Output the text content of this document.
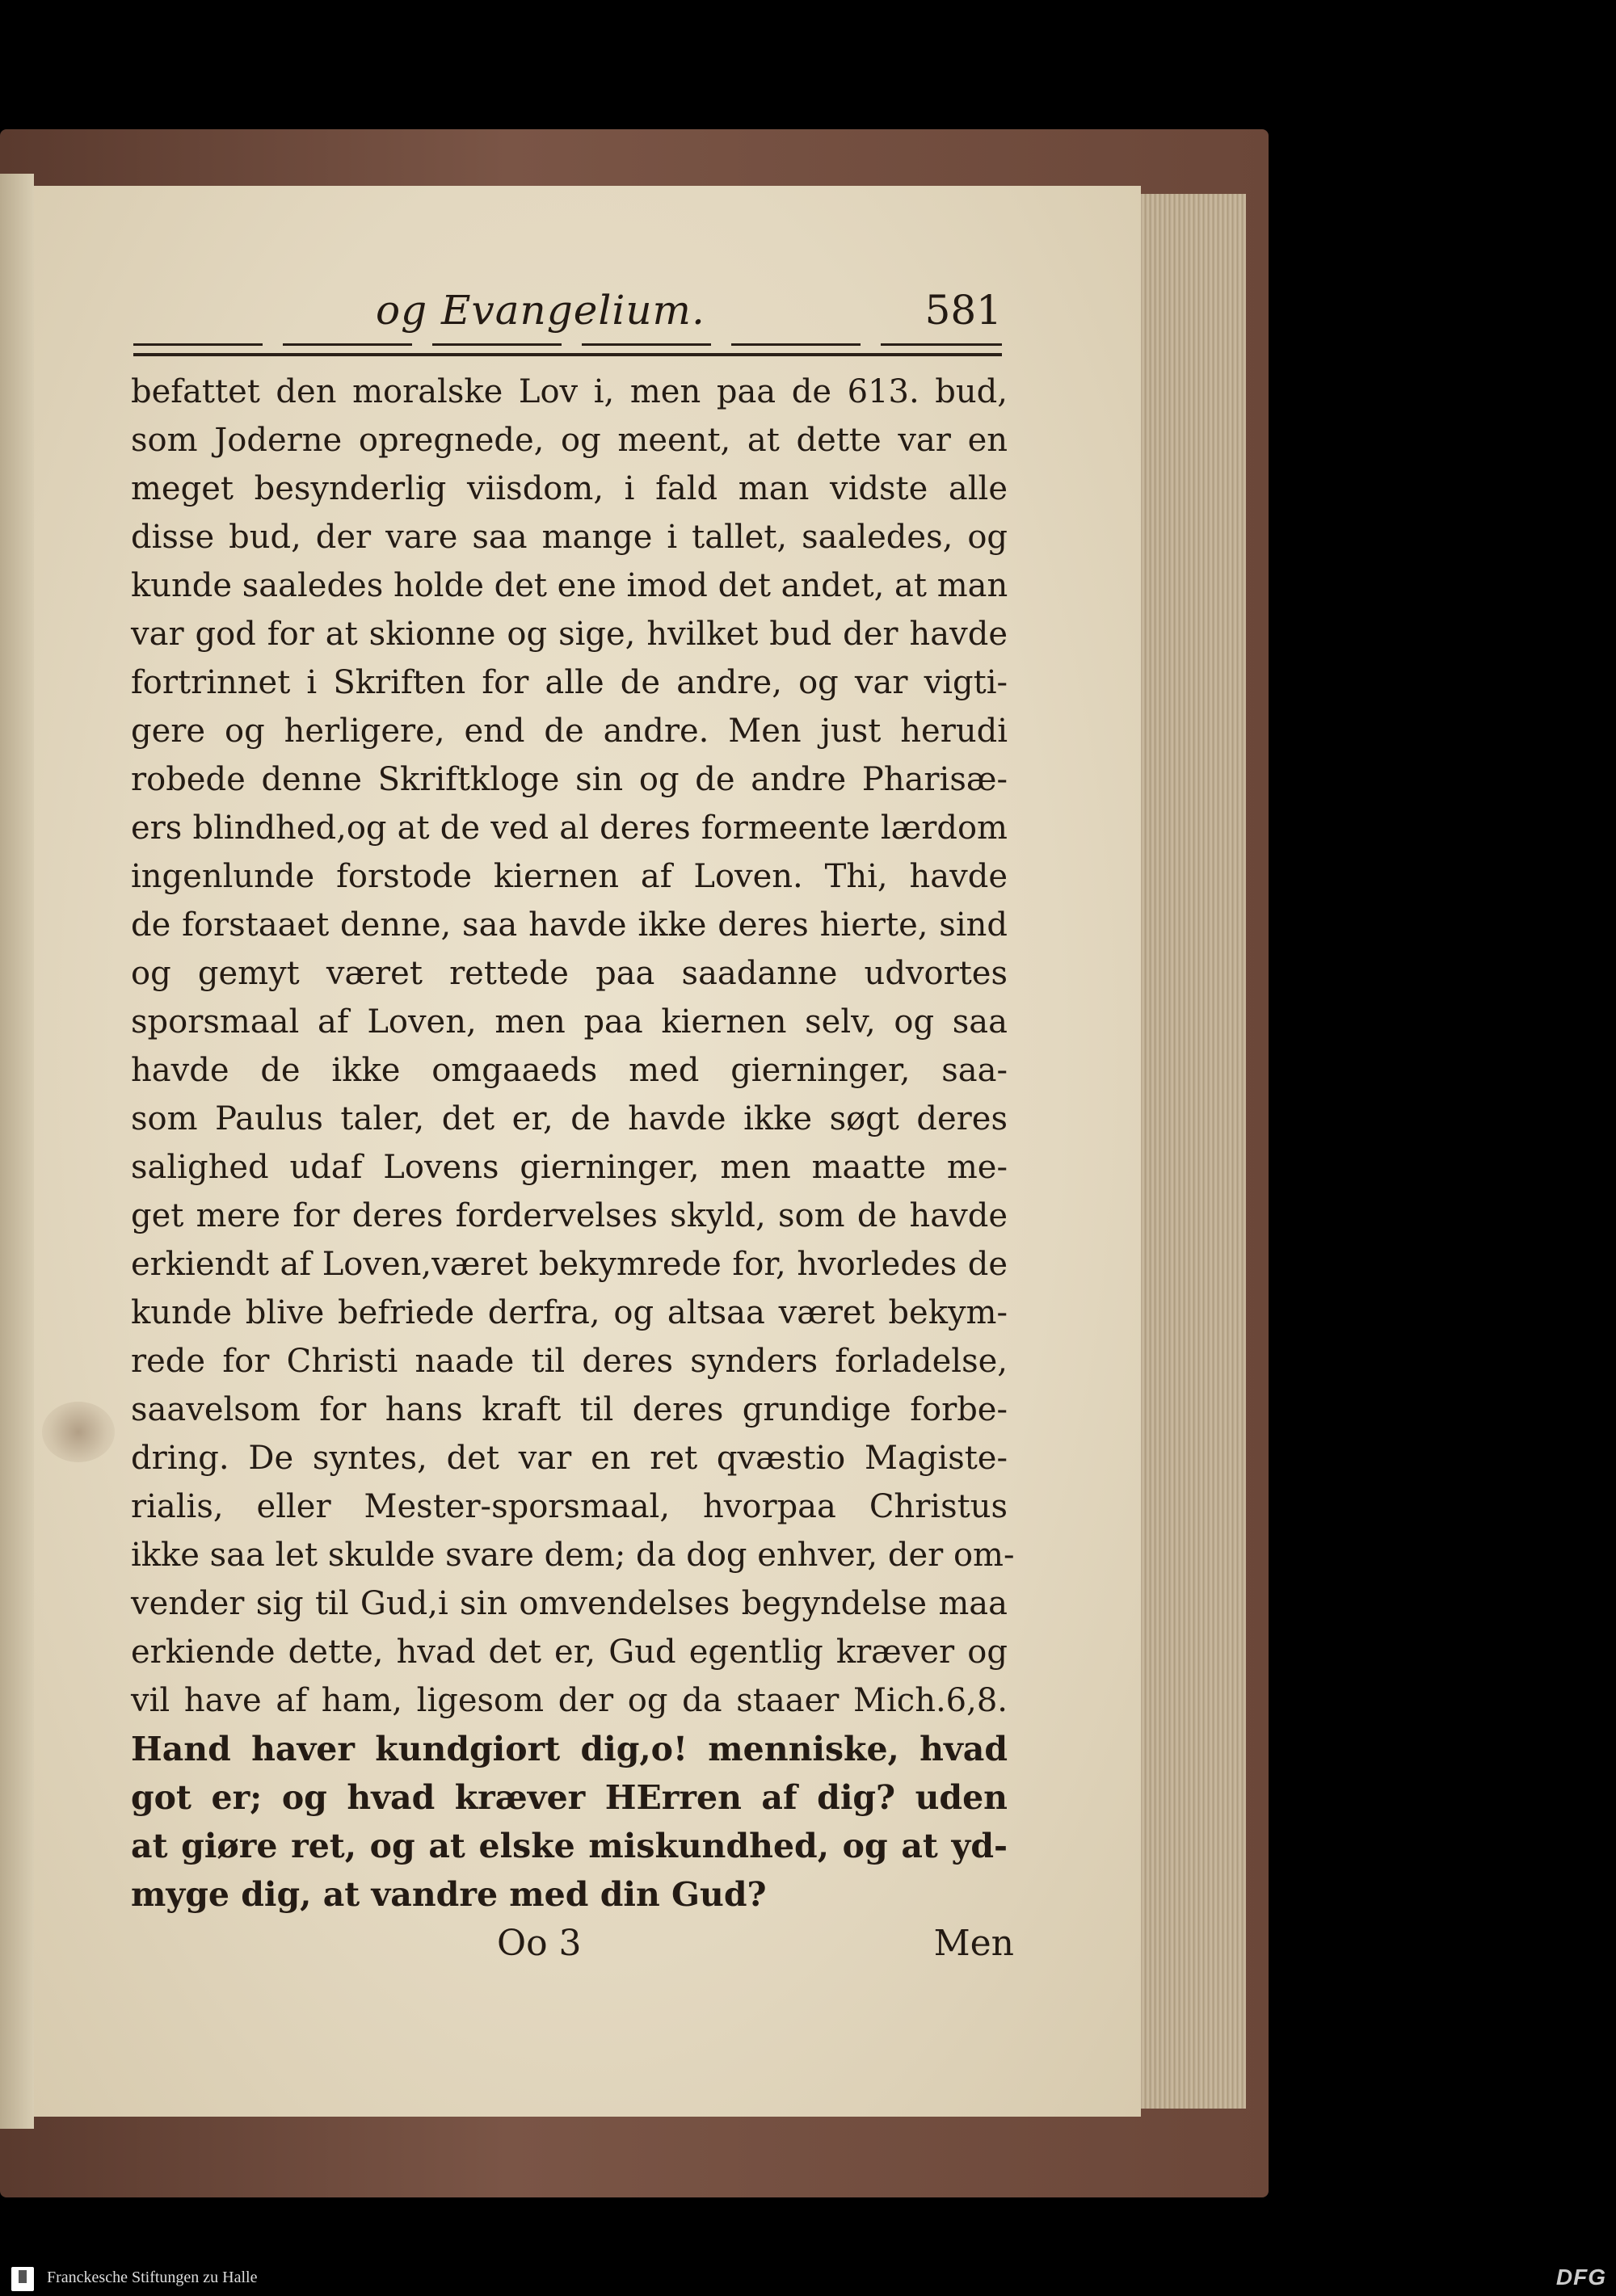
og Evangelium.	581
befattet den moralske Lov i, men paa de 613. bud,
som Joderne opregnede, og meent, at dette var en
meget besynderlig viisdom, i fald man vidste alle
disse bud, der vare saa mange i tallet, saaledes, og
kunde saaledes holde det ene imod det andet, at man
var god for at skionne og sige, hvilket bud der havde
fortrinnet i Skriften for alle de andre, og var vigti-
gere og herligere, end de andre. Men just herudi
robede denne Skriftkloge sin og de andre Pharisæ-
ers blindhed,og at de ved al deres formeente lærdom
ingenlunde forstode kiernen af Loven. Thi, havde
de forstaaet denne, saa havde ikke deres hierte, sind
og gemyt været rettede paa saadanne udvortes
sporsmaal af Loven, men paa kiernen selv, og saa
havde de ikke omgaaeds med gierninger, saa-
som Paulus taler, det er, de havde ikke søgt deres
salighed udaf Lovens gierninger, men maatte me-
get mere for deres fordervelses skyld, som de havde
erkiendt af Loven,været bekymrede for, hvorledes de
kunde blive befriede derfra, og altsaa været bekym-
rede for Christi naade til deres synders forladelse,
saavelsom for hans kraft til deres grundige forbe-
dring. De syntes, det var en ret qvæstio Magiste-
rialis, eller Mester-sporsmaal, hvorpaa Christus
ikke saa let skulde svare dem; da dog enhver, der om-
vender sig til Gud,i sin omvendelses begyndelse maa
erkiende dette, hvad det er, Gud egentlig kræver og
vil have af ham, ligesom der og da staaer Mich.6,8.
Hand haver kundgiort dig,o! menniske, hvad
got er; og hvad kræver HErren af dig? uden
at giøre ret, og at elske miskundhed, og at yd-
myge dig, at vandre med din Gud?
Oo 3	Men
Franckesche Stiftungen zu Halle	DFG
